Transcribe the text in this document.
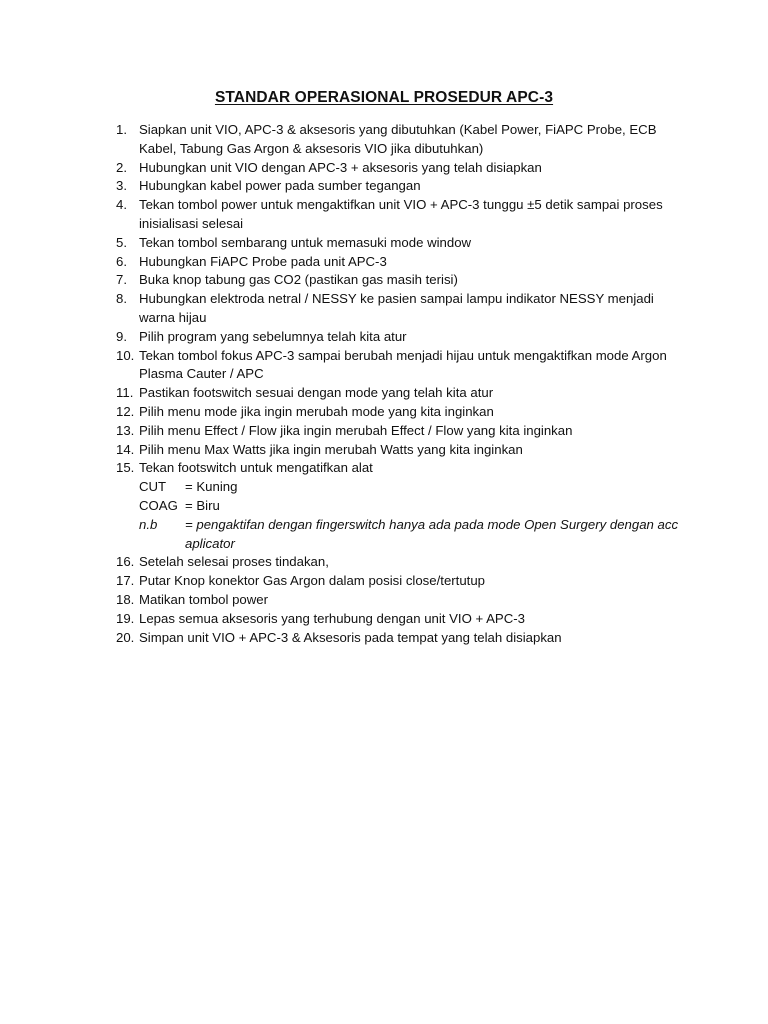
STANDAR OPERASIONAL PROSEDUR APC-3
1. Siapkan unit VIO, APC-3 & aksesoris yang dibutuhkan (Kabel Power, FiAPC Probe, ECB Kabel, Tabung Gas Argon & aksesoris VIO jika dibutuhkan)
2. Hubungkan unit VIO dengan APC-3 + aksesoris yang telah disiapkan
3. Hubungkan kabel power pada sumber tegangan
4. Tekan tombol power untuk mengaktifkan unit VIO + APC-3 tunggu ±5 detik sampai proses inisialisasi selesai
5. Tekan tombol sembarang untuk memasuki mode window
6. Hubungkan FiAPC Probe pada unit APC-3
7. Buka knop tabung gas CO2 (pastikan gas masih terisi)
8. Hubungkan elektroda netral / NESSY ke pasien sampai lampu indikator NESSY menjadi warna hijau
9. Pilih program yang sebelumnya telah kita atur
10. Tekan tombol fokus APC-3 sampai berubah menjadi hijau untuk mengaktifkan mode Argon Plasma Cauter / APC
11. Pastikan footswitch sesuai dengan mode yang telah kita atur
12. Pilih menu mode jika ingin merubah mode yang kita inginkan
13. Pilih menu Effect / Flow jika ingin merubah Effect / Flow yang kita inginkan
14. Pilih menu Max Watts jika ingin merubah Watts yang kita inginkan
15. Tekan footswitch untuk mengatifkan alat
CUT	= Kuning
COAG = Biru
n.b	= pengaktifan dengan fingerswitch hanya ada pada mode Open Surgery dengan acc aplicator
16. Setelah selesai proses tindakan,
17. Putar Knop konektor Gas Argon dalam posisi close/tertutup
18. Matikan tombol power
19. Lepas semua aksesoris yang terhubung dengan unit VIO + APC-3
20. Simpan unit VIO + APC-3 & Aksesoris pada tempat yang telah disiapkan
